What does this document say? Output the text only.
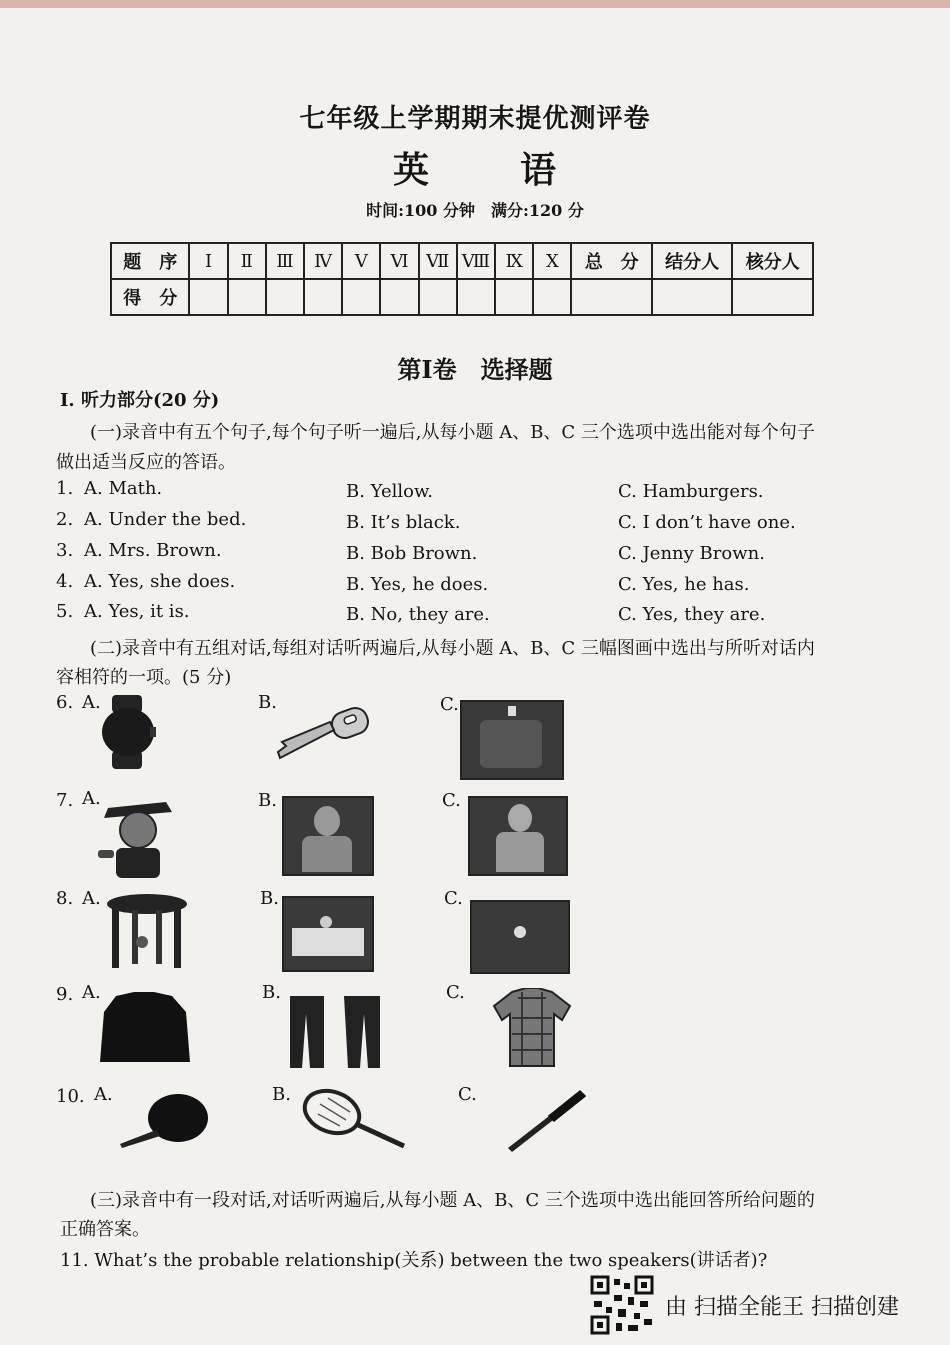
七年级上学期期末提优测评卷
英	语
时间:100 分钟　满分:120 分
题　序	Ⅰ	Ⅱ	Ⅲ	Ⅳ	Ⅴ	Ⅵ	Ⅶ	Ⅷ	Ⅸ	Ⅹ	总　分	结分人	核分人
得　分													
第Ⅰ卷　选择题
Ⅰ. 听力部分(20 分)
(一)录音中有五个句子,每个句子听一遍后,从每小题 A、B、C 三个选项中选出能对每个句子
做出适当反应的答语。
1. A. Math.	B. Yellow.	C. Hamburgers.
2. A. Under the bed.	B. It’s black.	C. I don’t have one.
3. A. Mrs. Brown.	B. Bob Brown.	C. Jenny Brown.
4. A. Yes, she does.	B. Yes, he does.	C. Yes, he has.
5. A. Yes, it is.	B. No, they are.	C. Yes, they are.
(二)录音中有五组对话,每组对话听两遍后,从每小题 A、B、C 三幅图画中选出与所听对话内
容相符的一项。(5 分)
6. A.	B.	C.
7. A.	B.	C.
8. A.	B.	C.
9. A.	B.	C.
10. A.	B.	C.
(三)录音中有一段对话,对话听两遍后,从每小题 A、B、C 三个选项中选出能回答所给问题的
正确答案。
11. What’s the probable relationship(关系) between the two speakers(讲话者)?
由 扫描全能王 扫描创建
